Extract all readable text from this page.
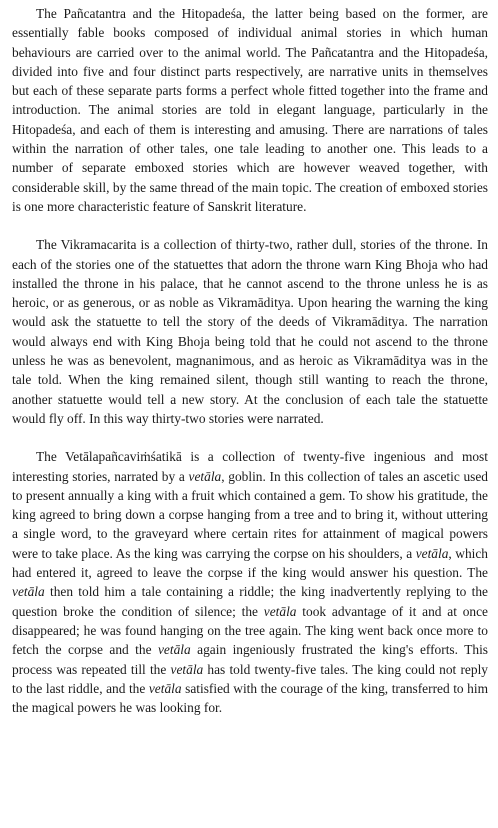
The Pañcatantra and the Hitopadeśa, the latter being based on the former, are essentially fable books composed of individual animal stories in which human behaviours are carried over to the animal world. The Pañcatantra and the Hitopadeśa, divided into five and four distinct parts respectively, are narrative units in themselves but each of these separate parts forms a perfect whole fitted together into the frame and introduction. The animal stories are told in elegant language, particularly in the Hitopadeśa, and each of them is interesting and amusing. There are narrations of tales within the narration of other tales, one tale leading to another one. This leads to a number of separate emboxed stories which are however weaved together, with considerable skill, by the same thread of the main topic. The creation of emboxed stories is one more characteristic feature of Sanskrit literature.

The Vikramacarita is a collection of thirty-two, rather dull, stories of the throne. In each of the stories one of the statuettes that adorn the throne warn King Bhoja who had installed the throne in his palace, that he cannot ascend to the throne unless he is as heroic, or as generous, or as noble as Vikramāditya. Upon hearing the warning the king would ask the statuette to tell the story of the deeds of Vikramāditya. The narration would always end with King Bhoja being told that he could not ascend to the throne unless he was as benevolent, magnanimous, and as heroic as Vikramāditya was in the tale told. When the king remained silent, though still wanting to reach the throne, another statuette would tell a new story. At the conclusion of each tale the statuette would fly off. In this way thirty-two stories were narrated.

The Vetālapañcaviṁśatikā is a collection of twenty-five ingenious and most interesting stories, narrated by a vetāla, goblin. In this collection of tales an ascetic used to present annually a king with a fruit which contained a gem. To show his gratitude, the king agreed to bring down a corpse hanging from a tree and to bring it, without uttering a single word, to the graveyard where certain rites for attainment of magical powers were to take place. As the king was carrying the corpse on his shoulders, a vetāla, which had entered it, agreed to leave the corpse if the king would answer his question. The vetāla then told him a tale containing a riddle; the king inadvertently replying to the question broke the condition of silence; the vetāla took advantage of it and at once disappeared; he was found hanging on the tree again. The king went back once more to fetch the corpse and the vetāla again ingeniously frustrated the king's efforts. This process was repeated till the vetāla has told twenty-five tales. The king could not reply to the last riddle, and the vetāla satisfied with the courage of the king, transferred to him the magical powers he was looking for.
